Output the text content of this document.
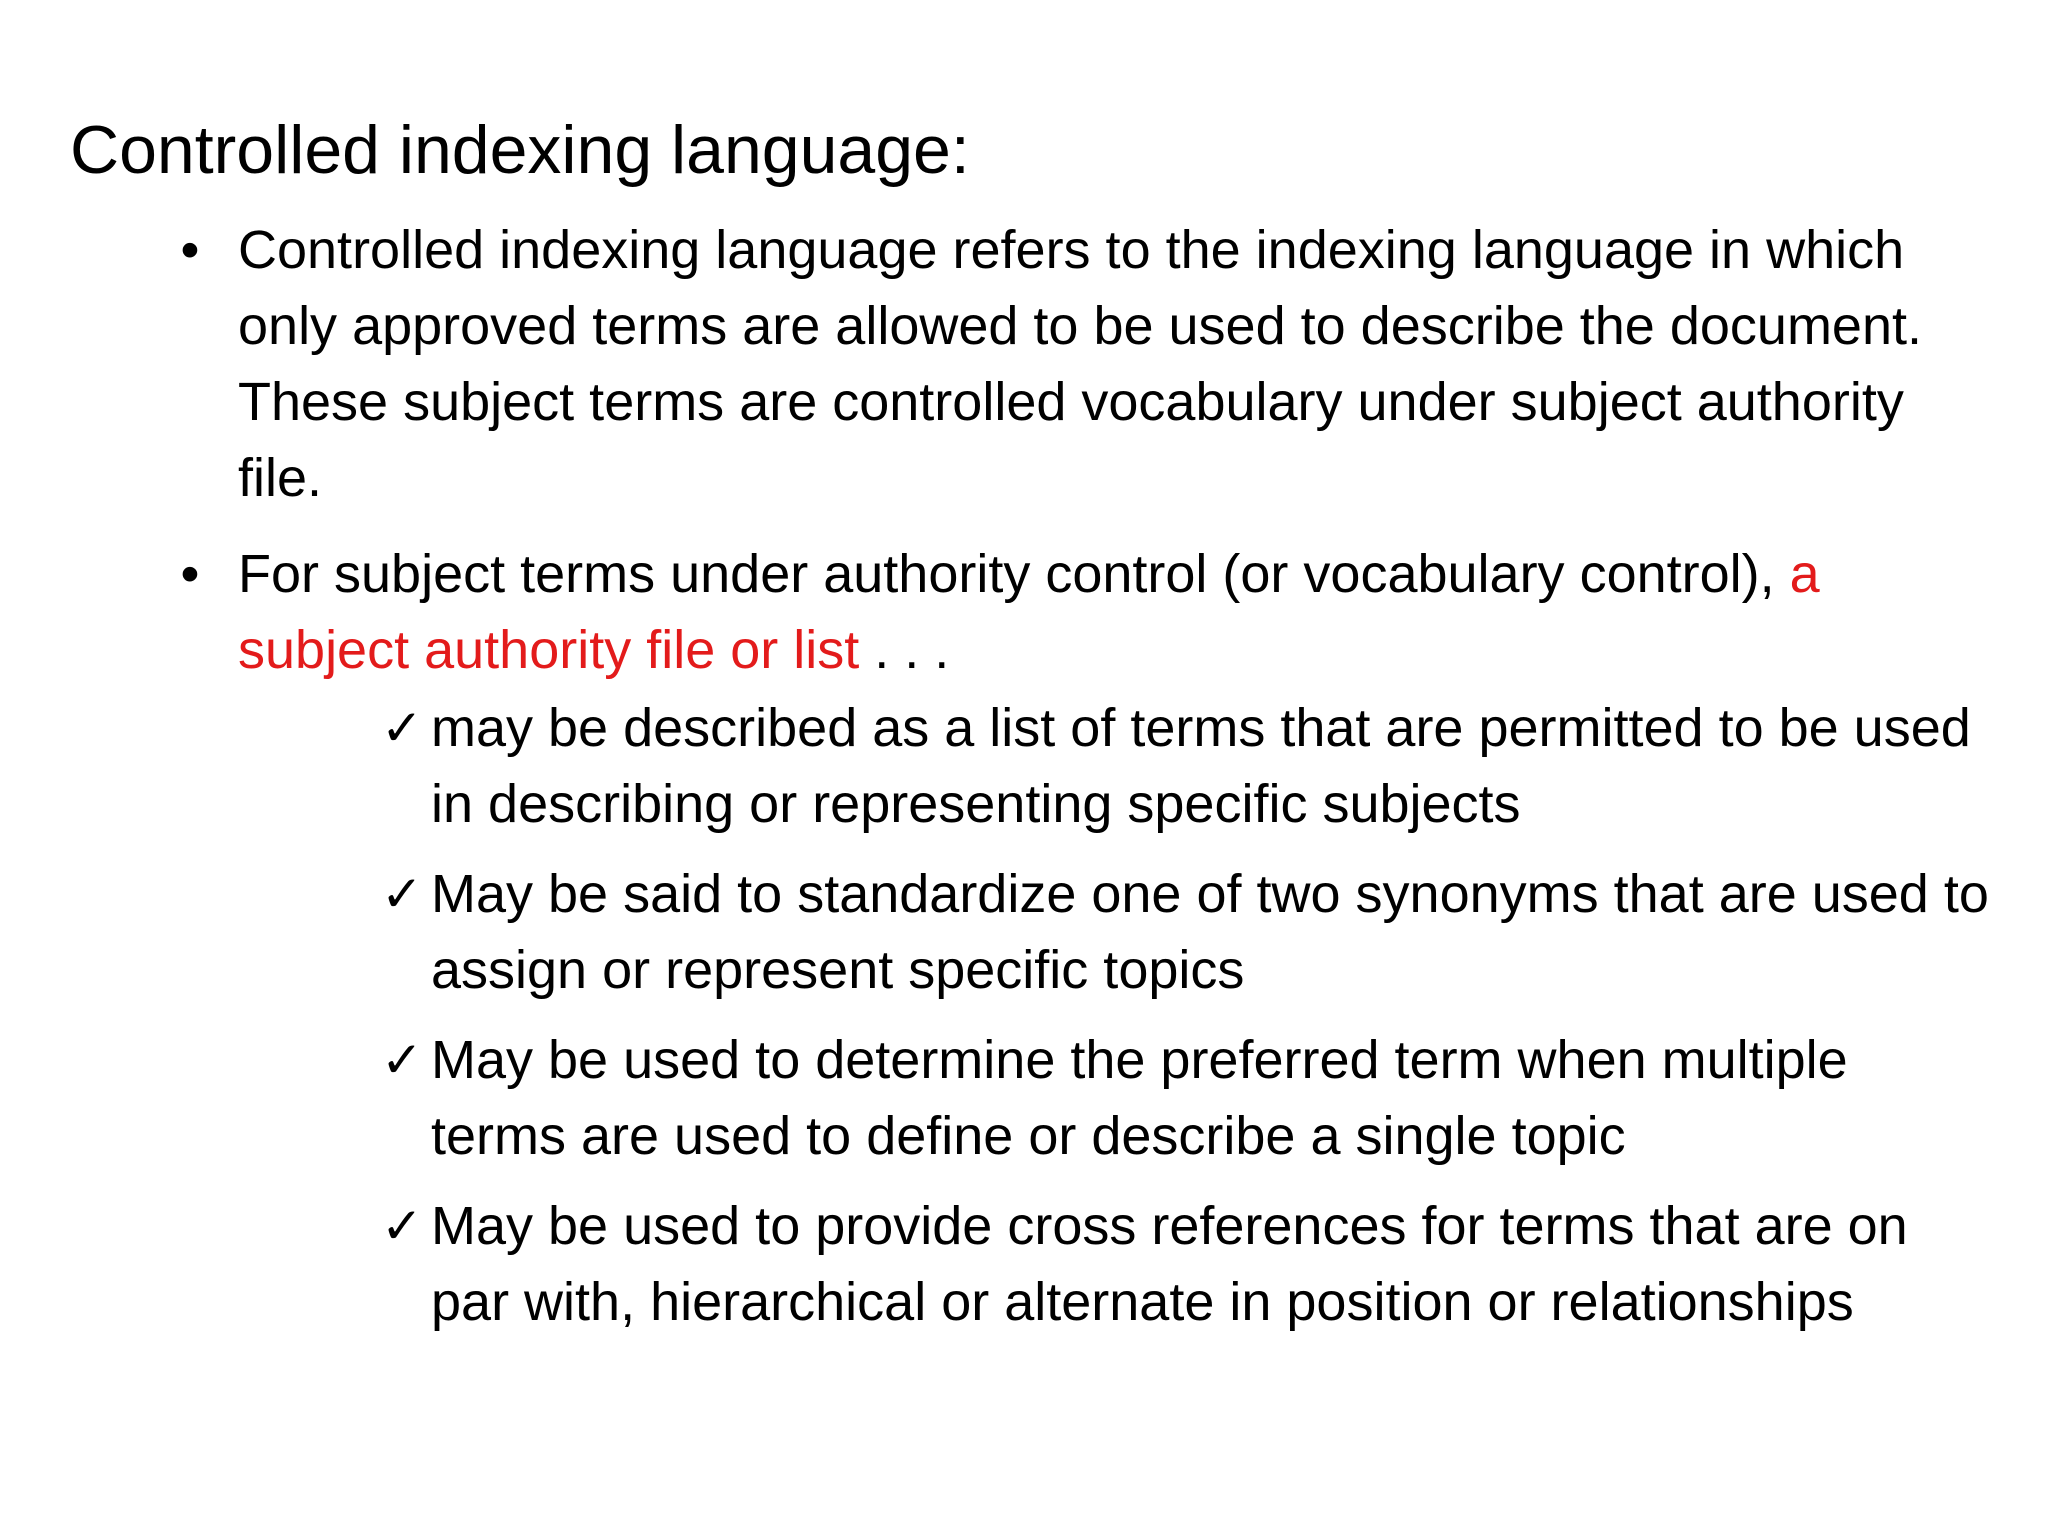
Controlled indexing language:
• Controlled indexing language refers to the indexing language in which only approved terms are allowed to be used to describe the document. These subject terms are controlled vocabulary under subject authority file.
• For subject terms under authority control (or vocabulary control), a subject authority file or list . . .
✓ may be described as a list of terms that are permitted to be used in describing or representing specific subjects
✓ May be said to standardize one of two synonyms that are used to assign or represent specific topics
✓ May be used to determine the preferred term when multiple terms are used to define or describe a single topic
✓ May be used to provide cross references for terms that are on par with, hierarchical or alternate in position or relationships
